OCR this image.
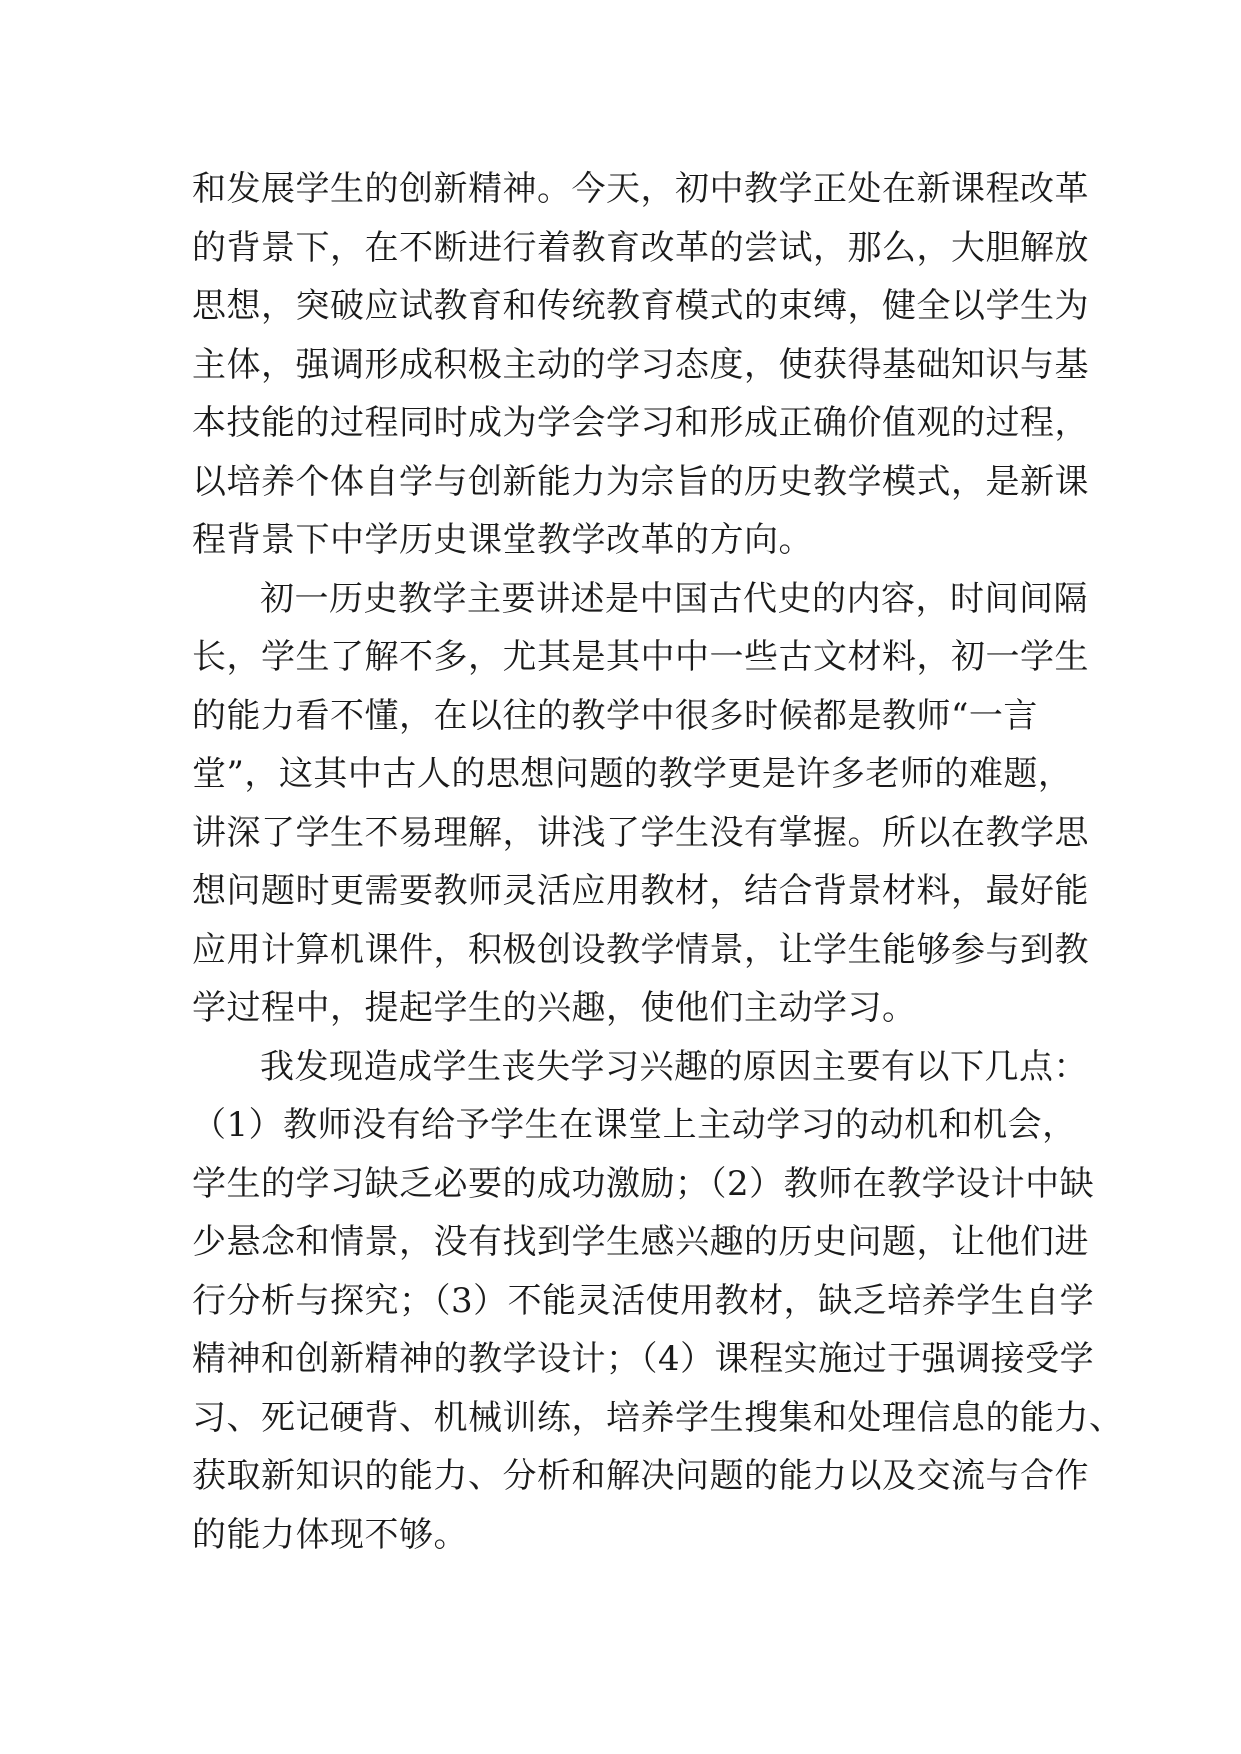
和发展学生的创新精神。今天，初中教学正处在新课程改革
的背景下，在不断进行着教育改革的尝试，那么，大胆解放
思想，突破应试教育和传统教育模式的束缚，健全以学生为
主体，强调形成积极主动的学习态度，使获得基础知识与基
本技能的过程同时成为学会学习和形成正确价值观的过程，
以培养个体自学与创新能力为宗旨的历史教学模式，是新课
程背景下中学历史课堂教学改革的方向。
初一历史教学主要讲述是中国古代史的内容，时间间隔
长，学生了解不多，尤其是其中中一些古文材料，初一学生
的能力看不懂，在以往的教学中很多时候都是教师“一言
堂”，这其中古人的思想问题的教学更是许多老师的难题，
讲深了学生不易理解，讲浅了学生没有掌握。所以在教学思
想问题时更需要教师灵活应用教材，结合背景材料，最好能
应用计算机课件，积极创设教学情景，让学生能够参与到教
学过程中，提起学生的兴趣，使他们主动学习。
我发现造成学生丧失学习兴趣的原因主要有以下几点：
（1）教师没有给予学生在课堂上主动学习的动机和机会，
学生的学习缺乏必要的成功激励；（2）教师在教学设计中缺
少悬念和情景，没有找到学生感兴趣的历史问题，让他们进
行分析与探究；（3）不能灵活使用教材，缺乏培养学生自学
精神和创新精神的教学设计；（4）课程实施过于强调接受学
习、死记硬背、机械训练，培养学生搜集和处理信息的能力、
获取新知识的能力、分析和解决问题的能力以及交流与合作
的能力体现不够。
